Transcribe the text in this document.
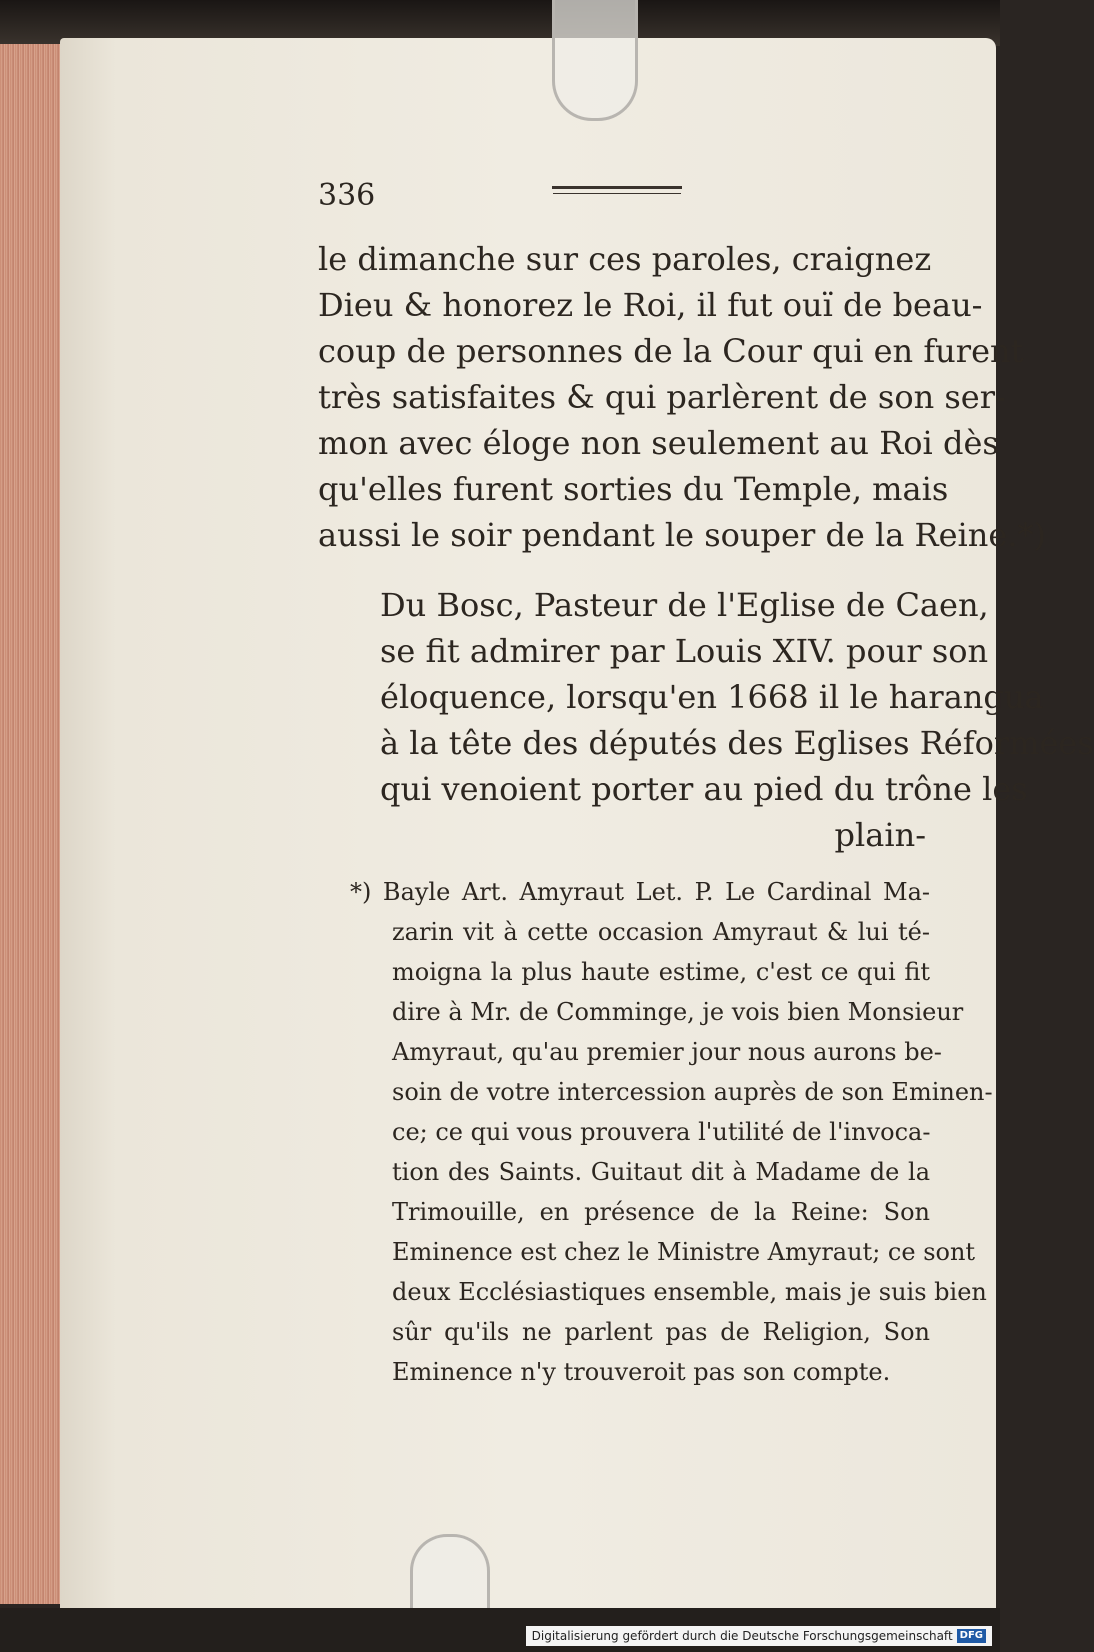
336
le dimanche sur ces paroles, craignez
Dieu & honorez le Roi, il fut ouï de beau-
coup de personnes de la Cour qui en furent
très satisfaites & qui parlèrent de son ser-
mon avec éloge non seulement au Roi dès
qu'elles furent sorties du Temple, mais
aussi le soir pendant le souper de la Reine.*)
Du Bosc, Pasteur de l'Eglise de Caen,
se fit admirer par Louis XIV. pour son
éloquence, lorsqu'en 1668 il le harangua
à la tête des députés des Eglises Réformées
qui venoient porter au pied du trône les
plain-
*) Bayle Art. Amyraut Let. P. Le Cardinal Ma-
zarin vit à cette occasion Amyraut & lui té-
moigna la plus haute estime, c'est ce qui fit
dire à Mr. de Comminge, je vois bien Monsieur
Amyraut, qu'au premier jour nous aurons be-
soin de votre intercession auprès de son Eminen-
ce; ce qui vous prouvera l'utilité de l'invoca-
tion des Saints. Guitaut dit à Madame de la
Trimouille, en présence de la Reine: Son
Eminence est chez le Ministre Amyraut; ce sont
deux Ecclésiastiques ensemble, mais je suis bien
sûr qu'ils ne parlent pas de Religion, Son
Eminence n'y trouveroit pas son compte.
Digitalisierung gefördert durch die Deutsche Forschungsgemeinschaft DFG
